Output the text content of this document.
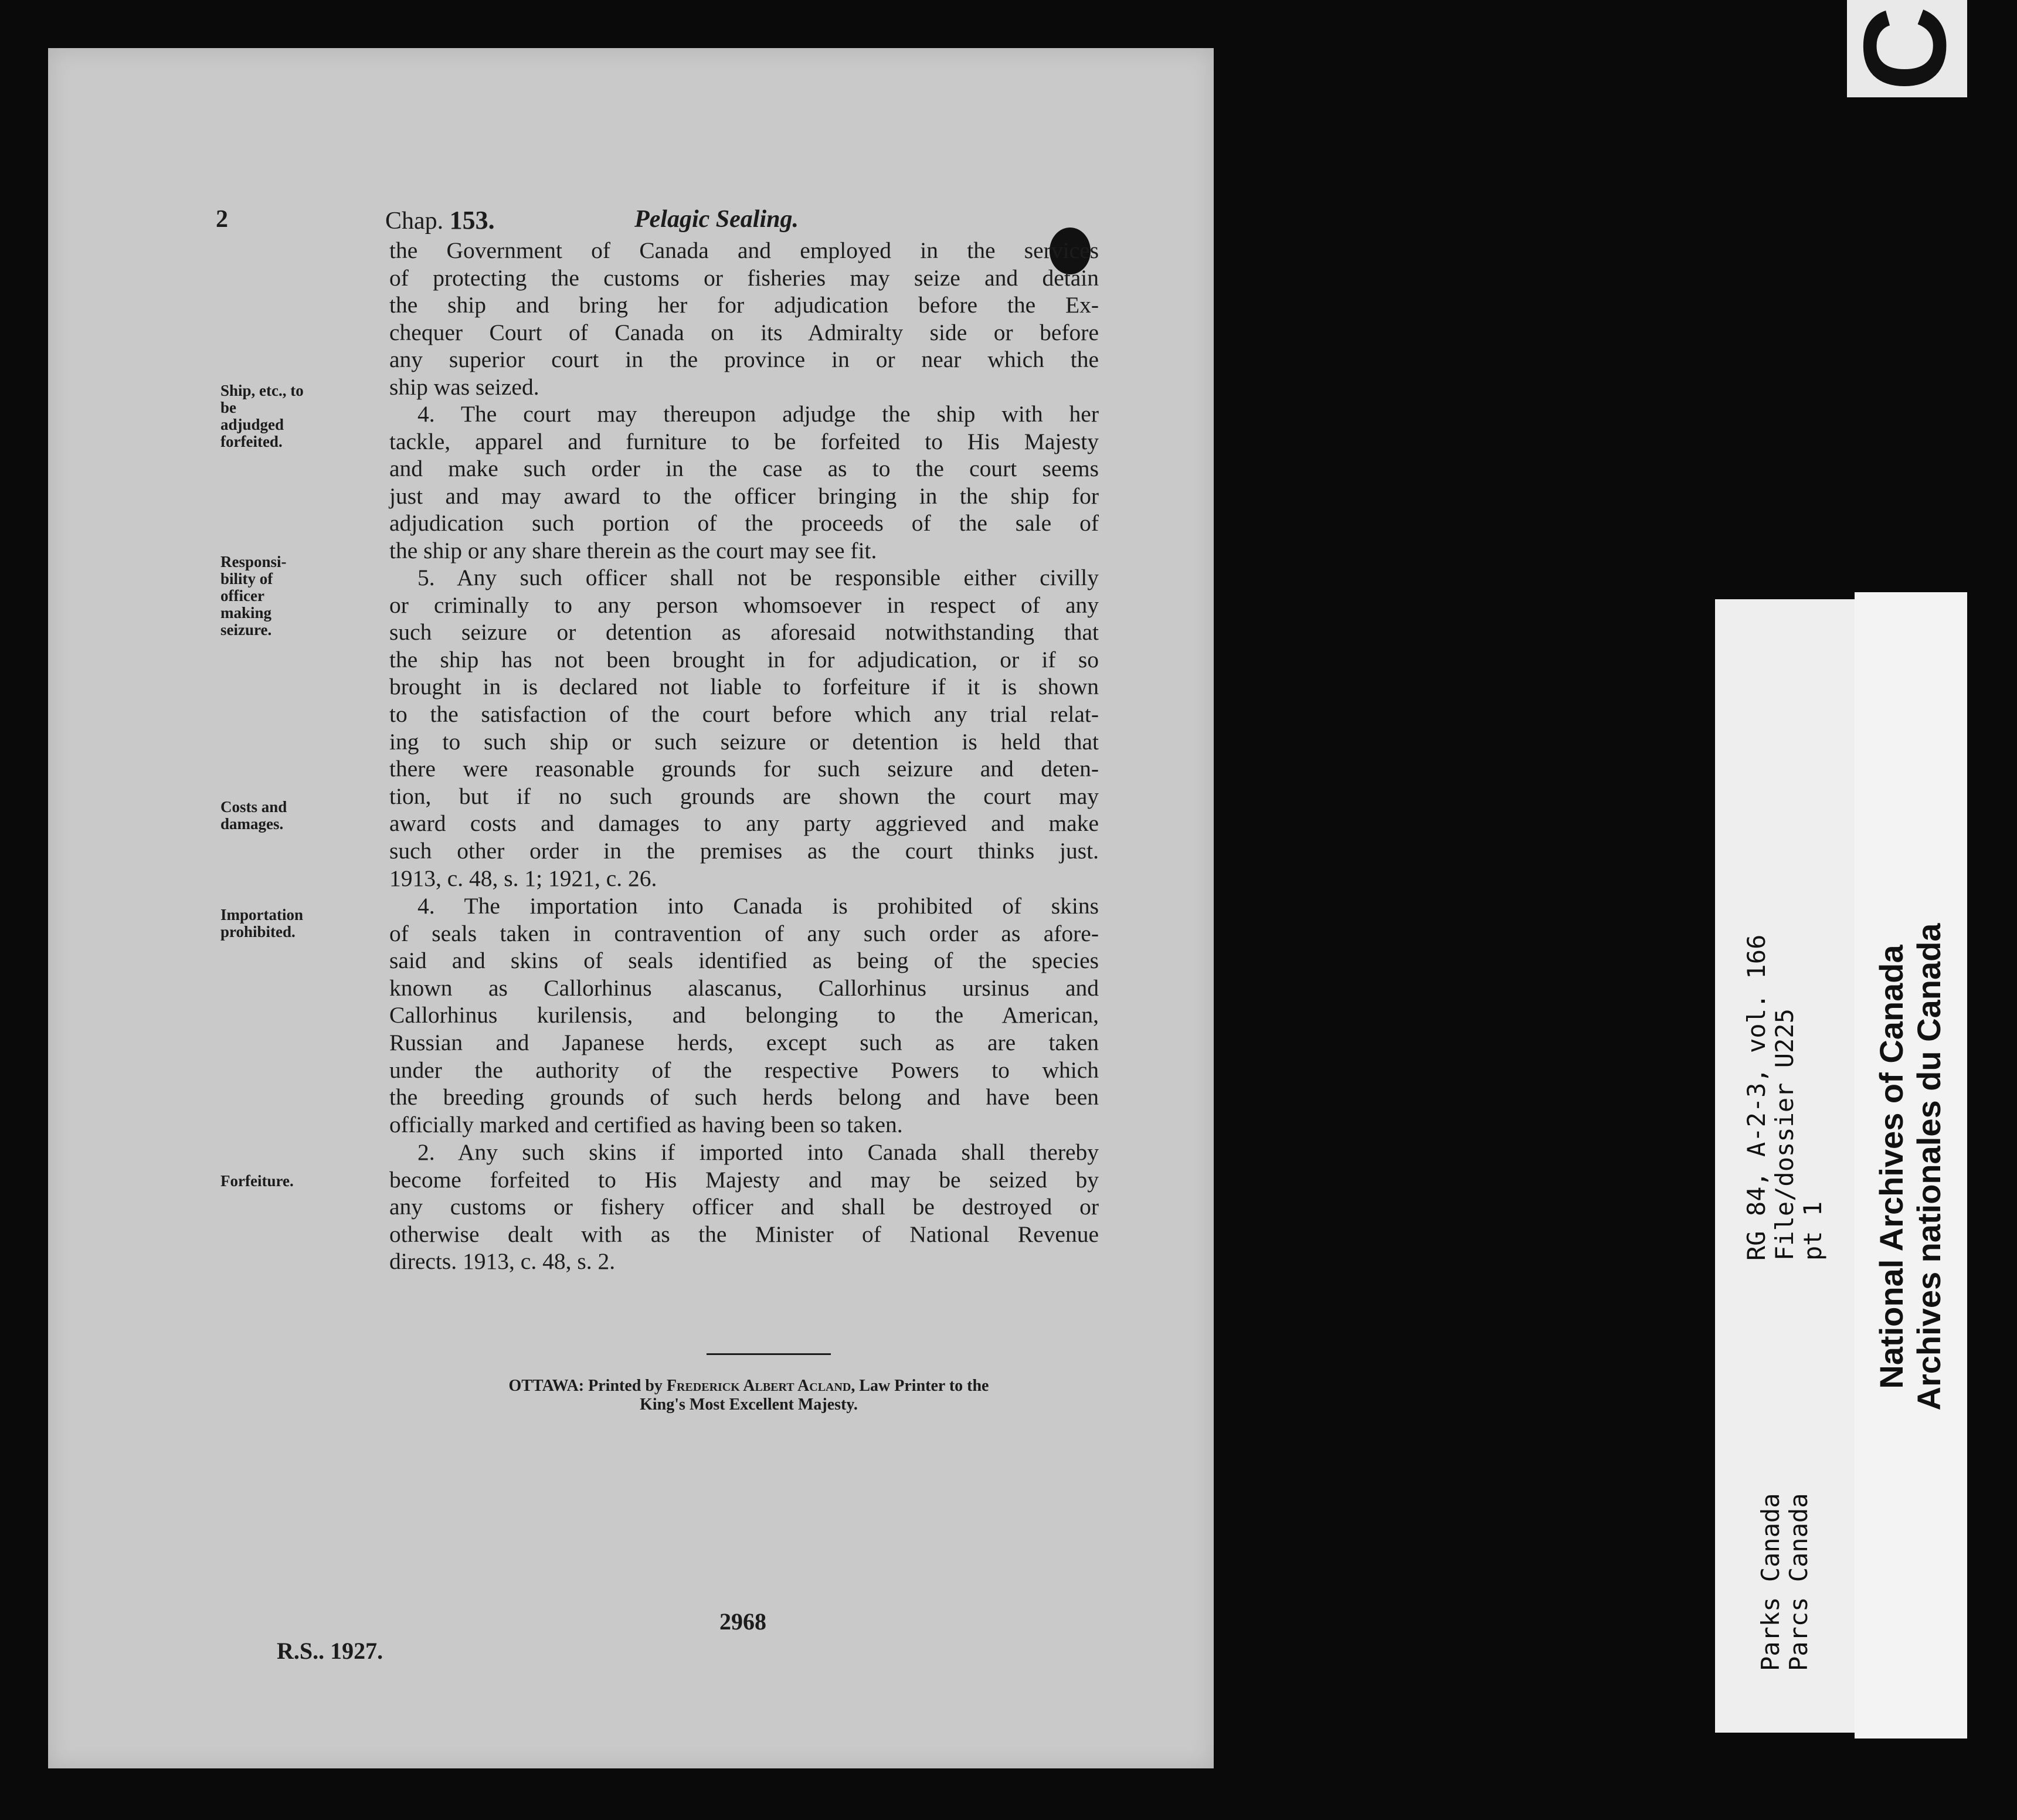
2	Chap. 153.	Pelagic Sealing.

Ship, etc., to
be
adjudged
forfeited.
Responsi-
bility of
officer
making
seizure.
Costs and
damages.
Importation
prohibited.
Forfeiture.
the Government of Canada and employed in the services
of protecting the customs or fisheries may seize and detain
the ship and bring her for adjudication before the Ex-
chequer Court of Canada on its Admiralty side or before
any superior court in the province in or near which the
ship was seized.
4. The court may thereupon adjudge the ship with her
tackle, apparel and furniture to be forfeited to His Majesty
and make such order in the case as to the court seems
just and may award to the officer bringing in the ship for
adjudication such portion of the proceeds of the sale of
the ship or any share therein as the court may see fit.
5. Any such officer shall not be responsible either civilly
or criminally to any person whomsoever in respect of any
such seizure or detention as aforesaid notwithstanding that
the ship has not been brought in for adjudication, or if so
brought in is declared not liable to forfeiture if it is shown
to the satisfaction of the court before which any trial relat-
ing to such ship or such seizure or detention is held that
there were reasonable grounds for such seizure and deten-
tion, but if no such grounds are shown the court may
award costs and damages to any party aggrieved and make
such other order in the premises as the court thinks just.
1913, c. 48, s. 1; 1921, c. 26.
4. The importation into Canada is prohibited of skins
of seals taken in contravention of any such order as afore-
said and skins of seals identified as being of the species
known as Callorhinus alascanus, Callorhinus ursinus and
Callorhinus kurilensis, and belonging to the American,
Russian and Japanese herds, except such as are taken
under the authority of the respective Powers to which
the breeding grounds of such herds belong and have been
officially marked and certified as having been so taken.
2. Any such skins if imported into Canada shall thereby
become forfeited to His Majesty and may be seized by
any customs or fishery officer and shall be destroyed or
otherwise dealt with as the Minister of National Revenue
directs. 1913, c. 48, s. 2.
OTTAWA: Printed by Frederick Albert Acland, Law Printer to the
King's Most Excellent Majesty.

2968

R.S.. 1927.

C
RG 84, A-2-3, vol. 166
File/dossier U225
pt 1
Parks Canada
Parcs Canada
National Archives of Canada Archives nationales du Canada
